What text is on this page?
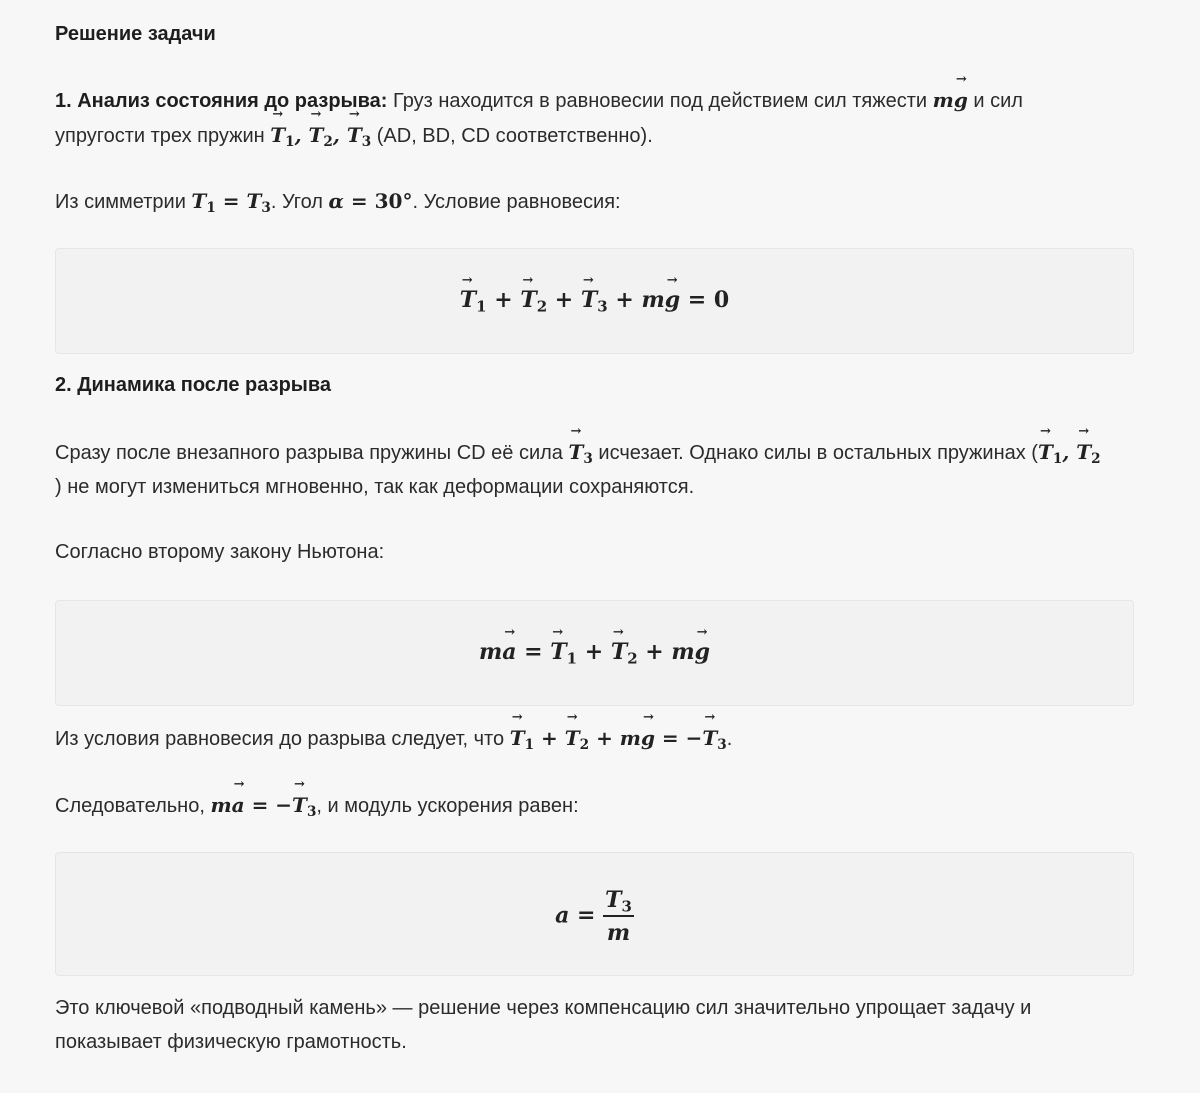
Решение задачи
1. Анализ состояния до разрыва: Груз находится в равновесии под действием сил тяжести m→ g и сил
упругости трех пружин → $T_1$, → $T_2$, → $T_3$ (AD, BD, CD соответственно).
Из симметрии $T_1 = T_3$. Угол α = 30°. Условие равновесия:
→ $T_1$ + → $T_2$ + → $T_3 + m\to g = 0$
2. Динамика после разрыва
Сразу после внезапного разрыва пружины CD её сила → $T_3$ исчезает. Однако силы в остальных пружинах (→ $T_1$, → $T_2$
) не могут измениться мгновенно, так как деформации сохраняются.
Согласно второму закону Ньютона:
m→ a = → $T_1$ + → $T_2 + m\to g$
Из условия равновесия до разрыва следует, что → $T_1$ + → $T_2 + m\to g$ = −→ $T_3$.
Следовательно, m→ a = −→ $T_3$, и модуль ускорения равен:
$a = \frac{T_3}{m}$
Это ключевой «подводный камень» — решение через компенсацию сил значительно упрощает задачу и
показывает физическую грамотность.
